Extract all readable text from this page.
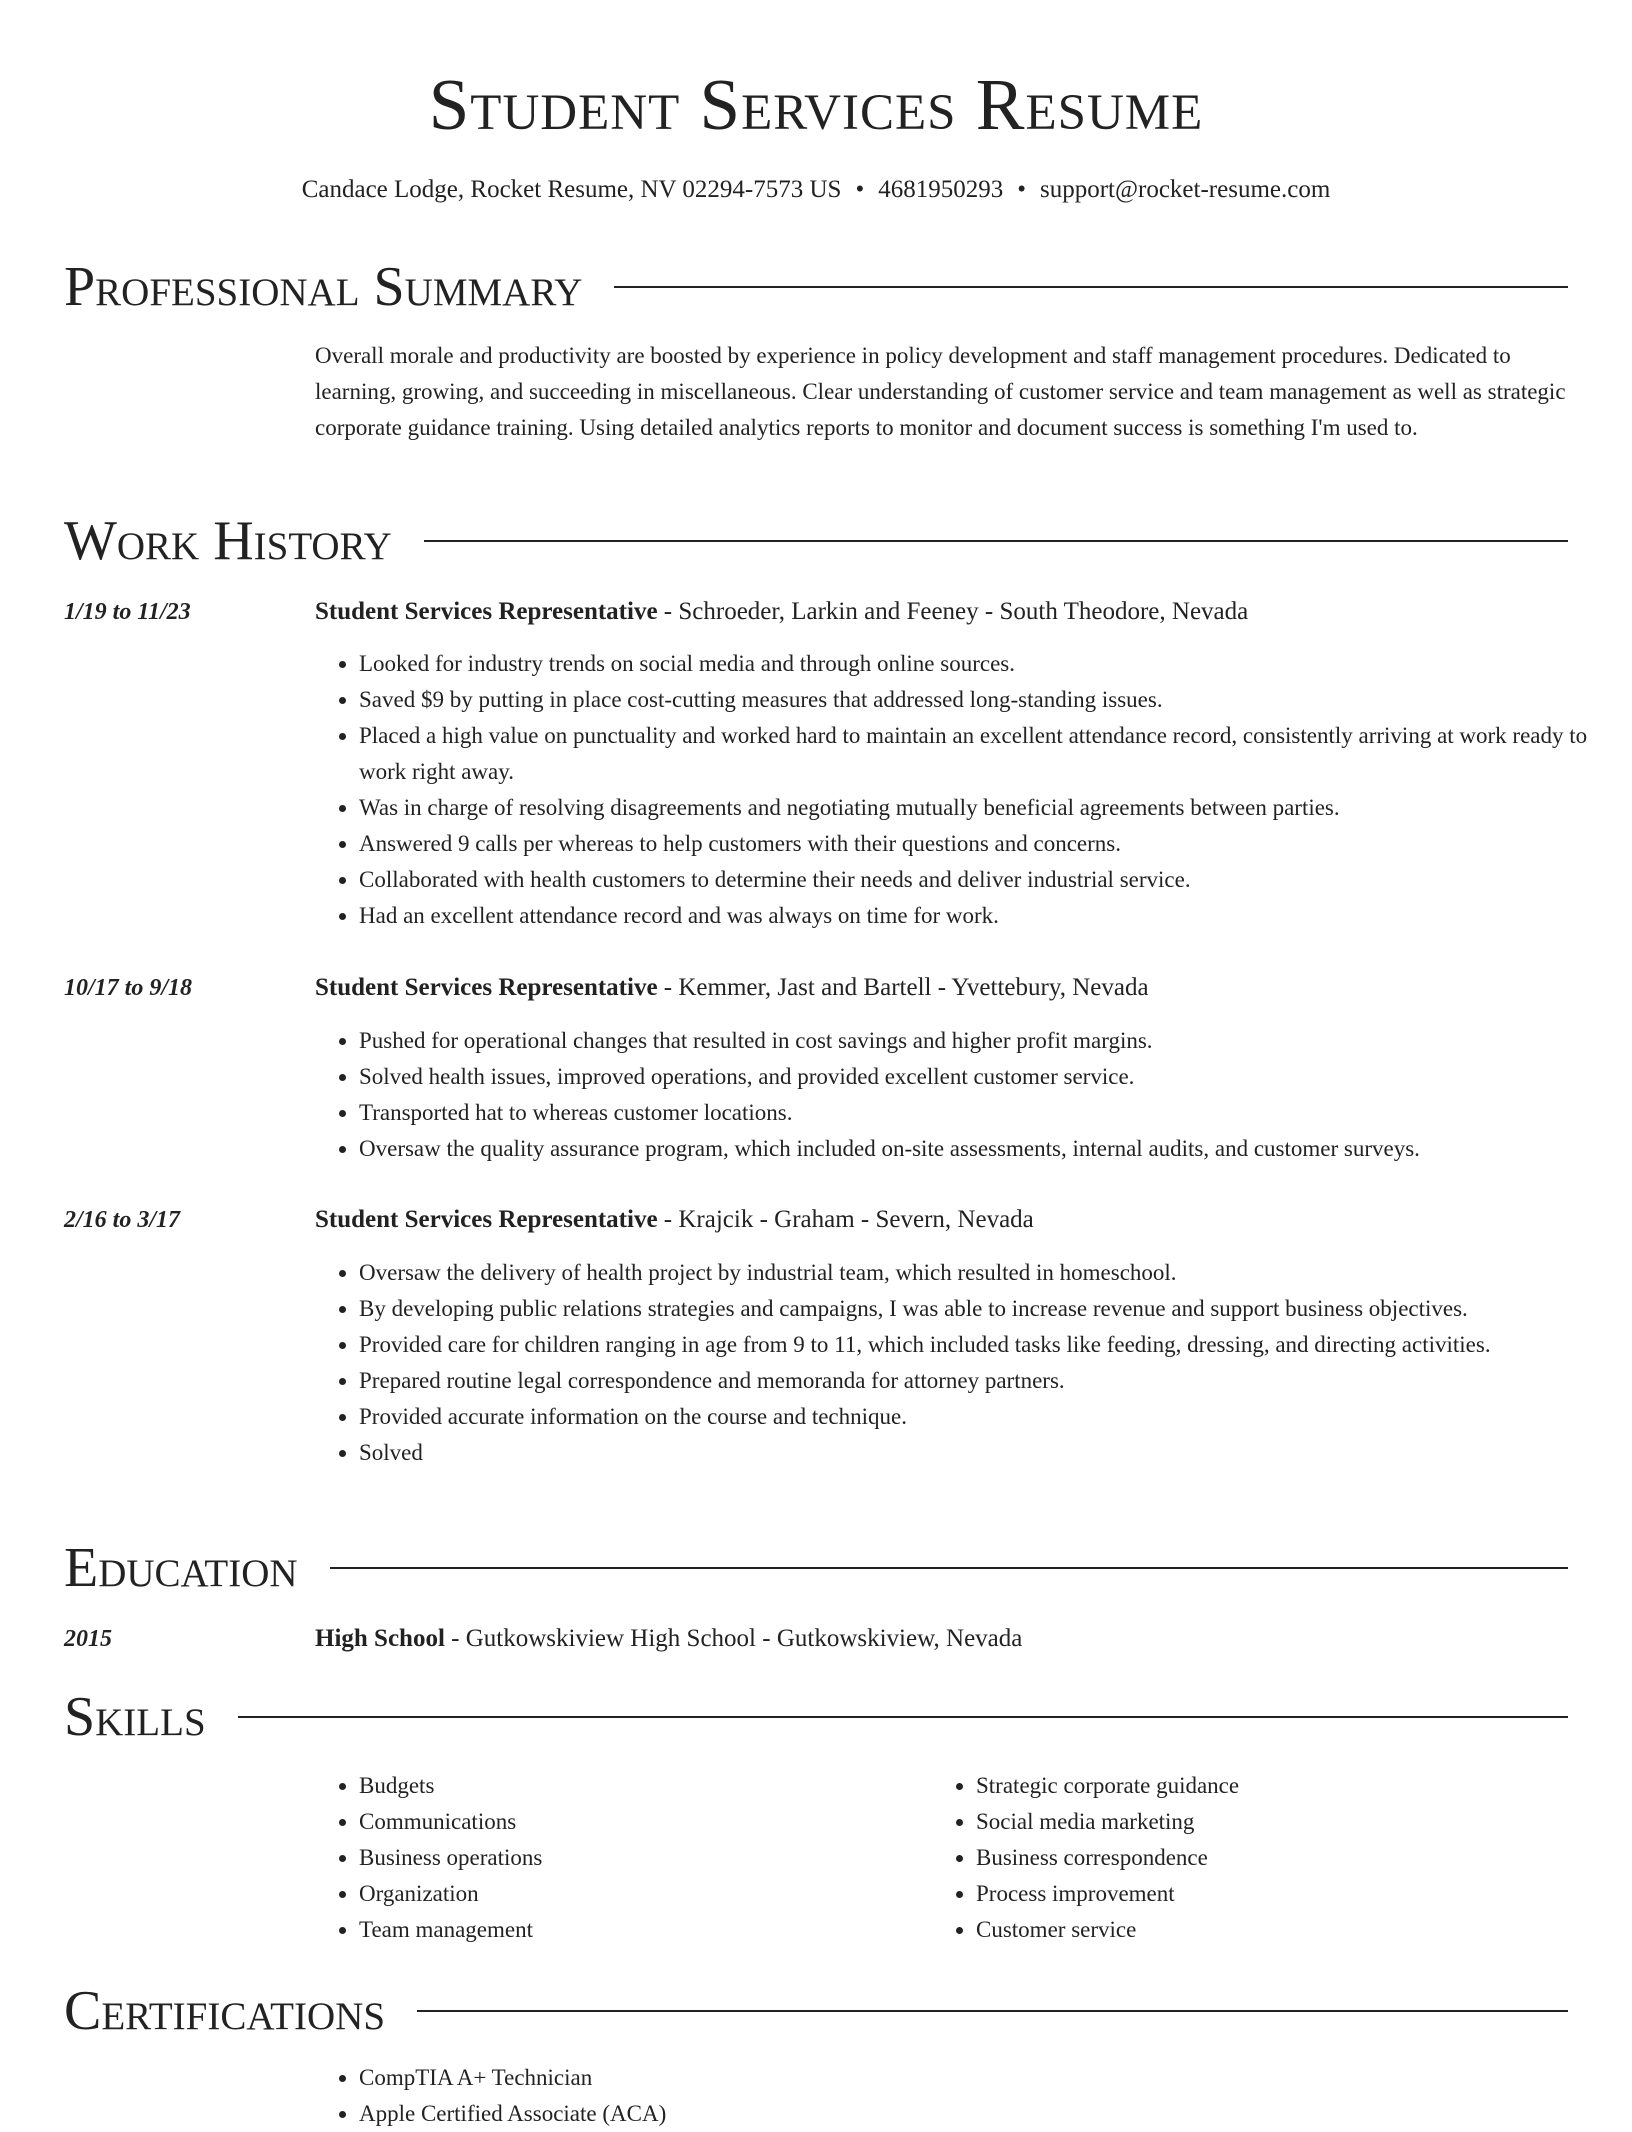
Student Services Resume
Candace Lodge, Rocket Resume, NV 02294-7573 US • 4681950293 • support@rocket-resume.com
Professional Summary

Overall morale and productivity are boosted by experience in policy development and staff management procedures. Dedicated to learning, growing, and succeeding in miscellaneous. Clear understanding of customer service and team management as well as strategic corporate guidance training. Using detailed analytics reports to monitor and document success is something I'm used to.

Work History
1/19 to 11/23	Student Services Representative - Schroeder, Larkin and Feeney - South Theodore, Nevada
• Looked for industry trends on social media and through online sources.
• Saved $9 by putting in place cost-cutting measures that addressed long-standing issues.
• Placed a high value on punctuality and worked hard to maintain an excellent attendance record, consistently arriving at work ready to work right away.
• Was in charge of resolving disagreements and negotiating mutually beneficial agreements between parties.
• Answered 9 calls per whereas to help customers with their questions and concerns.
• Collaborated with health customers to determine their needs and deliver industrial service.
• Had an excellent attendance record and was always on time for work.
10/17 to 9/18	Student Services Representative - Kemmer, Jast and Bartell - Yvettebury, Nevada
• Pushed for operational changes that resulted in cost savings and higher profit margins.
• Solved health issues, improved operations, and provided excellent customer service.
• Transported hat to whereas customer locations.
• Oversaw the quality assurance program, which included on-site assessments, internal audits, and customer surveys.
2/16 to 3/17	Student Services Representative - Krajcik - Graham - Severn, Nevada
• Oversaw the delivery of health project by industrial team, which resulted in homeschool.
• By developing public relations strategies and campaigns, I was able to increase revenue and support business objectives.
• Provided care for children ranging in age from 9 to 11, which included tasks like feeding, dressing, and directing activities.
• Prepared routine legal correspondence and memoranda for attorney partners.
• Provided accurate information on the course and technique.
• Solved
Education
2015	High School - Gutkowskiview High School - Gutkowskiview, Nevada
Skills
• Budgets
• Communications
• Business operations
• Organization
• Team management
• Strategic corporate guidance
• Social media marketing
• Business correspondence
• Process improvement
• Customer service
Certifications
• CompTIA A+ Technician
• Apple Certified Associate (ACA)
